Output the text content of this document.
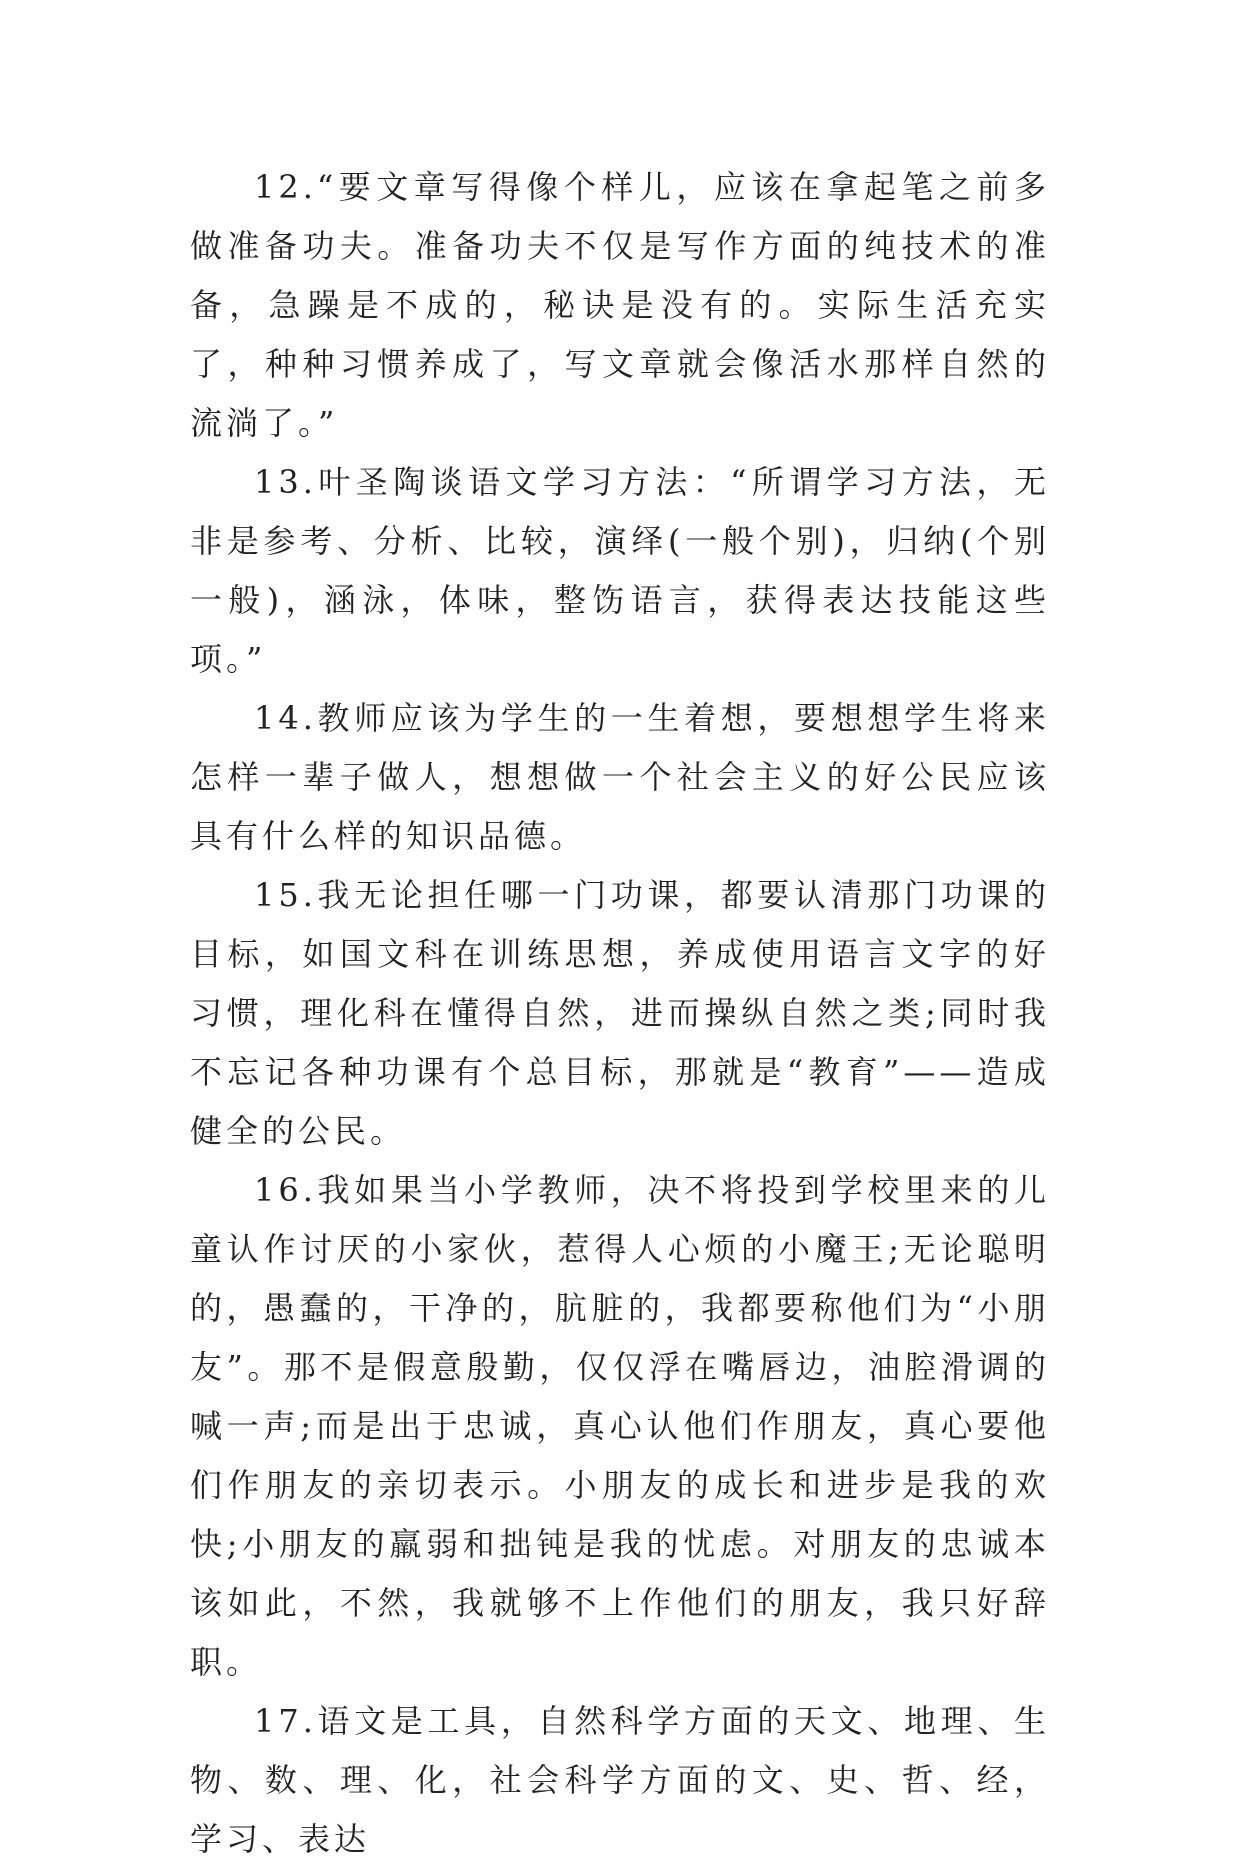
12.“要文章写得像个样儿，应该在拿起笔之前多做准备功夫。准备功夫不仅是写作方面的纯技术的准备，急躁是不成的，秘诀是没有的。实际生活充实了，种种习惯养成了，写文章就会像活水那样自然的流淌了。”

13.叶圣陶谈语文学习方法：“所谓学习方法，无非是参考、分析、比较，演绎(一般个别)，归纳(个别一般)，涵泳，体味，整饬语言，获得表达技能这些项。”

14.教师应该为学生的一生着想，要想想学生将来怎样一辈子做人，想想做一个社会主义的好公民应该具有什么样的知识品德。

15.我无论担任哪一门功课，都要认清那门功课的目标，如国文科在训练思想，养成使用语言文字的好习惯，理化科在懂得自然，进而操纵自然之类;同时我不忘记各种功课有个总目标，那就是“教育”——造成健全的公民。

16.我如果当小学教师，决不将投到学校里来的儿童认作讨厌的小家伙，惹得人心烦的小魔王;无论聪明的，愚蠢的，干净的，肮脏的，我都要称他们为“小朋友”。那不是假意殷勤，仅仅浮在嘴唇边，油腔滑调的喊一声;而是出于忠诚，真心认他们作朋友，真心要他们作朋友的亲切表示。小朋友的成长和进步是我的欢快;小朋友的羸弱和拙钝是我的忧虑。对朋友的忠诚本该如此，不然，我就够不上作他们的朋友，我只好辞职。

17.语文是工具，自然科学方面的天文、地理、生物、数、理、化，社会科学方面的文、史、哲、经，学习、表达
